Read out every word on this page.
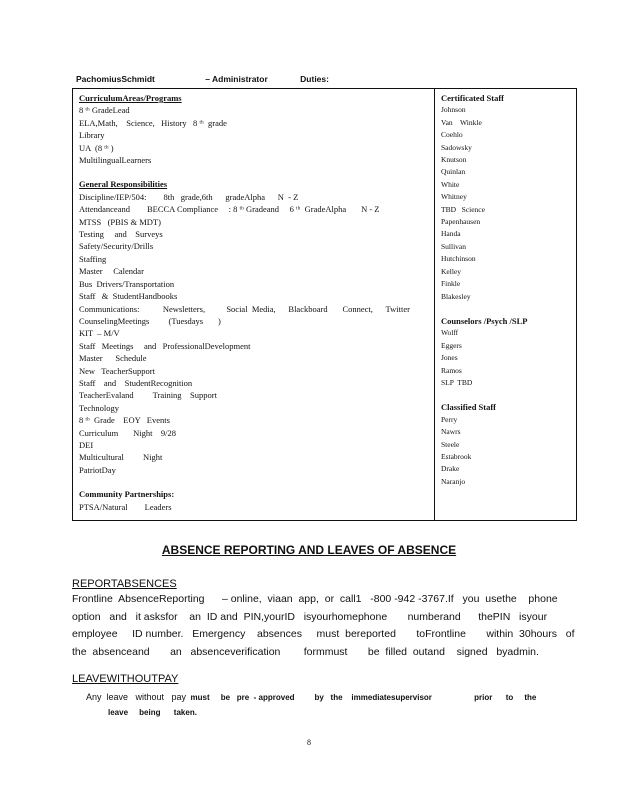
PachomiusSchmidt	– Administrator	Duties:
CurriculumAreas/Programs
8 ᵗʰ GradeLead
ELA,Math,    Science,   History   8 ᵗʰ  grade
Library
UA  (8 ᵗʰ )
MultilingualLearners
General Responsibilities
Discipline/IEP/504:        8th   grade,6th      gradeAlpha      N  - Z
Attendanceand        BECCA Compliance     : 8 ᵗʰ Gradeand     6 ᵗʰ  GradeAlpha       N - Z
MTSS   (PBIS & MDT)
Testing     and    Surveys
Safety/Security/Drills
Staffing
Master     Calendar
Bus  Drivers/Transportation
Staff   &  StudentHandbooks
Communications:           Newsletters,          Social  Media,      Blackboard       Connect,      Twitter
CounselingMeetings         (Tuesdays       )
KIT  – M/V
Staff   Meetings     and   ProfessionalDevelopment
Master      Schedule
New   TeacherSupport
Staff    and    StudentRecognition
TeacherEvaland         Training    Support
Technology
8 ᵗʰ  Grade    EOY   Events
Curriculum       Night    9/28
DEI
Multicultural         Night
PatriotDay
Community Partnerships:
PTSA/Natural        Leaders
Certificated Staff
Johnson
Van    Winkle
Coehlo
Sadowsky
Knutson
Quinlan
White
Whitney
TBD   Science
Papenhausen
Handa
Sullivan
Hutchinson
Kelley
Finkle
Blakesley
Counselors /Psych /SLP
Wolff
Eggers
Jones
Ramos
SLP  TBD
Classified Staff
Perry
Nawrs
Steele
Estabrook
Drake
Naranjo
ABSENCE REPORTING AND LEAVES OF ABSENCE
REPORTABSENCES
Frontline  AbsenceReporting      – online,  viaan  app,  or  call1   -800 -942 -3767.If   you  usethe    phone
option   and   it asksfor    an  ID and  PIN,yourID   isyourhomephone       numberand      thePIN   isyour
employee     ID number.   Emergency    absences     must  bereported       toFrontline       within  30hours   of
the  absenceand       an   absenceverification        formmust       be  filled  outand    signed   byadmin.
LEAVEWITHOUTPAY
Any  leave   without   pay  must     be   pre  - approved         by   the    immediatesupervisor                   prior      to     the
leave     being      taken.
8
